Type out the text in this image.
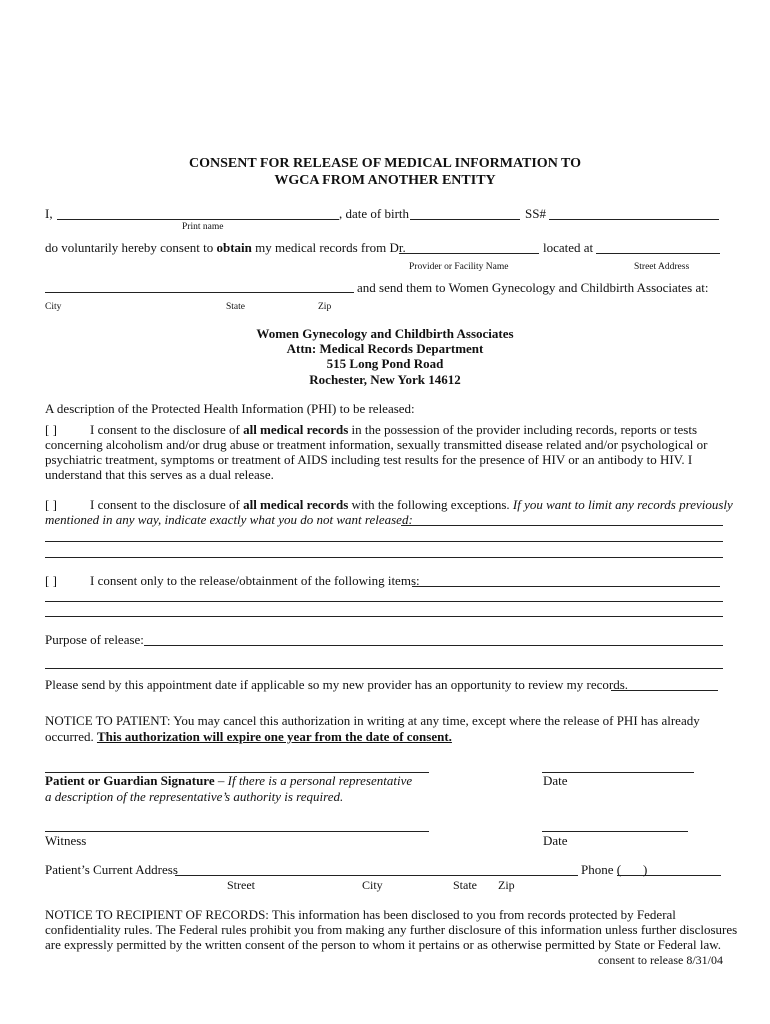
CONSENT FOR RELEASE OF MEDICAL INFORMATION TO
WGCA FROM ANOTHER ENTITY
I,	, date of birth	SS#
Print name
do voluntarily hereby consent to obtain my medical records from Dr.	located at
Provider or Facility Name	Street Address
and send them to Women Gynecology and Childbirth Associates at:
City	State	Zip
Women Gynecology and Childbirth Associates
Attn: Medical Records Department
515 Long Pond Road
Rochester, New York 14612
A description of the Protected Health Information (PHI) to be released:
[ ]	I consent to the disclosure of all medical records in the possession of the provider including records, reports or tests
concerning alcoholism and/or drug abuse or treatment information, sexually transmitted disease related and/or psychological or
psychiatric treatment, symptoms or treatment of AIDS including test results for the presence of HIV or an antibody to HIV. I
understand that this serves as a dual release.
[ ]	I consent to the disclosure of all medical records with the following exceptions. If you want to limit any records previously
mentioned in any way, indicate exactly what you do not want released:
[ ]	I consent only to the release/obtainment of the following items:
Purpose of release:
Please send by this appointment date if applicable so my new provider has an opportunity to review my records.
NOTICE TO PATIENT: You may cancel this authorization in writing at any time, except where the release of PHI has already
occurred. This authorization will expire one year from the date of consent.
Patient or Guardian Signature – If there is a personal representative
a description of the representative’s authority is required.
Date
Witness	Date
Patient’s Current Address	Phone ( )
Street	City	State Zip
NOTICE TO RECIPIENT OF RECORDS: This information has been disclosed to you from records protected by Federal
confidentiality rules. The Federal rules prohibit you from making any further disclosure of this information unless further disclosures
are expressly permitted by the written consent of the person to whom it pertains or as otherwise permitted by State or Federal law.
consent to release 8/31/04
